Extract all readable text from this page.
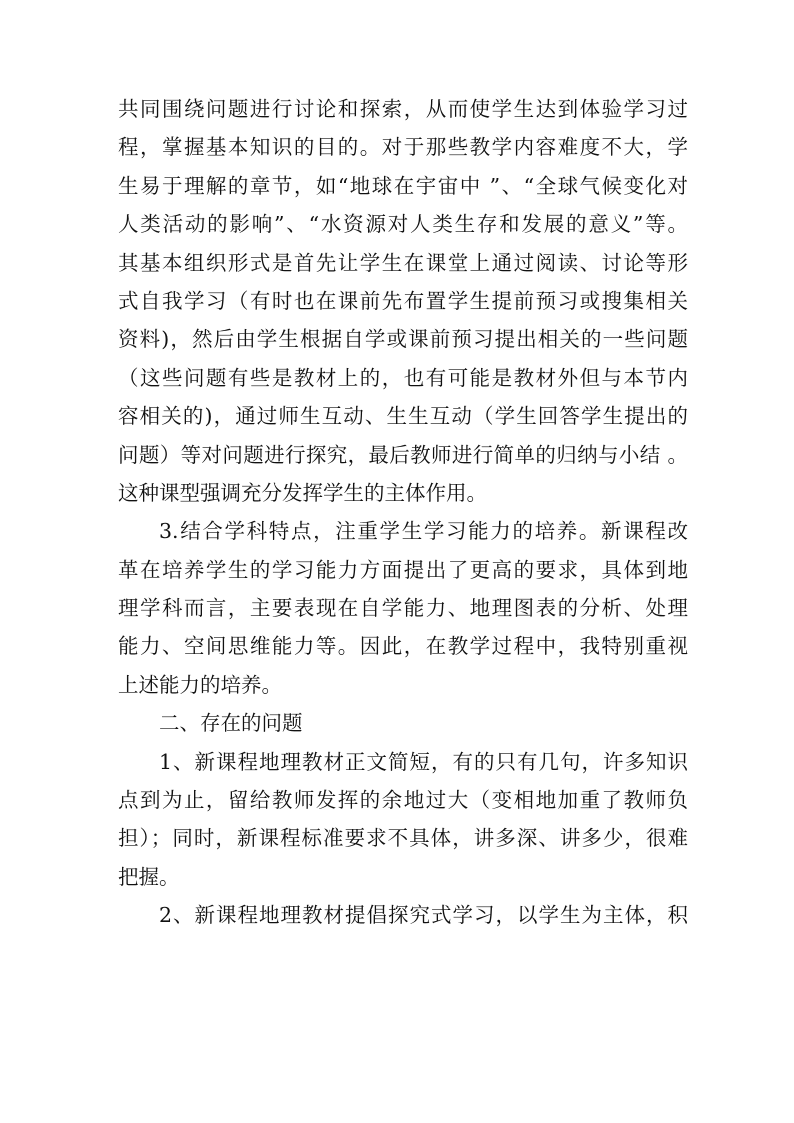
共同围绕问题进行讨论和探索，从而使学生达到体验学习过
程，掌握基本知识的目的。对于那些教学内容难度不大，学
生易于理解的章节，如“地球在宇宙中 ”、“全球气候变化对
人类活动的影响”、“水资源对人类生存和发展的意义”等。
其基本组织形式是首先让学生在课堂上通过阅读、讨论等形
式自我学习（有时也在课前先布置学生提前预习或搜集相关
资料)，然后由学生根据自学或课前预习提出相关的一些问题
（这些问题有些是教材上的，也有可能是教材外但与本节内
容相关的)，通过师生互动、生生互动（学生回答学生提出的
问题）等对问题进行探究，最后教师进行简单的归纳与小结 。
这种课型强调充分发挥学生的主体作用。
3.结合学科特点，注重学生学习能力的培养。新课程改
革在培养学生的学习能力方面提出了更高的要求，具体到地
理学科而言，主要表现在自学能力、地理图表的分析、处理
能力、空间思维能力等。因此，在教学过程中，我特别重视
上述能力的培养。
二、存在的问题
1、新课程地理教材正文简短，有的只有几句，许多知识
点到为止，留给教师发挥的余地过大（变相地加重了教师负
担）；同时，新课程标准要求不具体，讲多深、讲多少，很难
把握。
2、新课程地理教材提倡探究式学习，以学生为主体，积
